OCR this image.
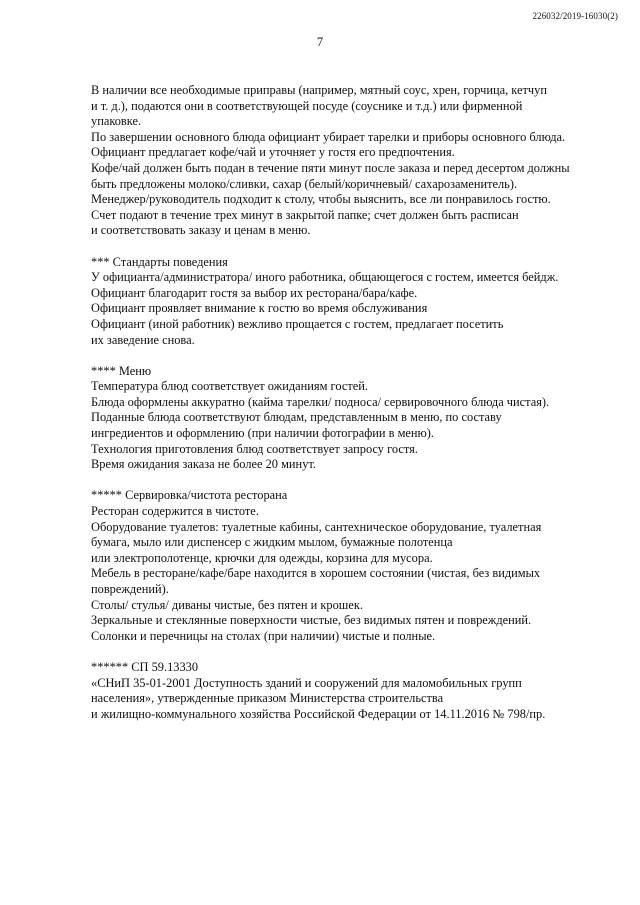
226032/2019-16030(2)
7
В наличии все необходимые приправы (например, мятный соус, хрен, горчица, кетчуп
и т. д.), подаются они в соответствующей посуде (соуснике и т.д.) или фирменной
упаковке.
По завершении основного блюда официант убирает тарелки и приборы основного блюда.
Официант предлагает кофе/чай и уточняет у гостя его предпочтения.
Кофе/чай должен быть подан в течение пяти минут после заказа и перед десертом должны
быть предложены молоко/сливки, сахар (белый/коричневый/ сахарозаменитель).
Менеджер/руководитель подходит к столу, чтобы выяснить, все ли понравилось гостю.
Счет подают в течение трех минут в закрытой папке; счет должен быть расписан
и соответствовать заказу и ценам в меню.
*** Стандарты поведения
У официанта/администратора/ иного работника, общающегося с гостем, имеется бейдж.
Официант благодарит гостя за выбор их ресторана/бара/кафе.
Официант проявляет внимание к гостю во время обслуживания
Официант (иной работник) вежливо прощается с гостем, предлагает посетить
их заведение снова.
**** Меню
Температура блюд соответствует ожиданиям гостей.
Блюда оформлены аккуратно (кайма тарелки/ подноса/ сервировочного блюда чистая).
Поданные блюда соответствуют блюдам, представленным в меню, по составу
ингредиентов и оформлению (при наличии фотографии в меню).
Технология приготовления блюд соответствует запросу гостя.
Время ожидания заказа не более 20 минут.
***** Сервировка/чистота ресторана
Ресторан содержится в чистоте.
Оборудование туалетов: туалетные кабины, сантехническое оборудование, туалетная
бумага, мыло или диспенсер с жидким мылом, бумажные полотенца
или электрополотенце, крючки для одежды, корзина для мусора.
Мебель в ресторане/кафе/баре находится в хорошем состоянии (чистая, без видимых
повреждений).
Столы/ стулья/ диваны чистые, без пятен и крошек.
Зеркальные и стеклянные поверхности чистые, без видимых пятен и повреждений.
Солонки и перечницы на столах (при наличии) чистые и полные.
****** СП 59.13330
«СНиП 35-01-2001 Доступность зданий и сооружений для маломобильных групп
населения», утвержденные приказом Министерства строительства
и жилищно-коммунального хозяйства Российской Федерации от 14.11.2016 № 798/пр.
